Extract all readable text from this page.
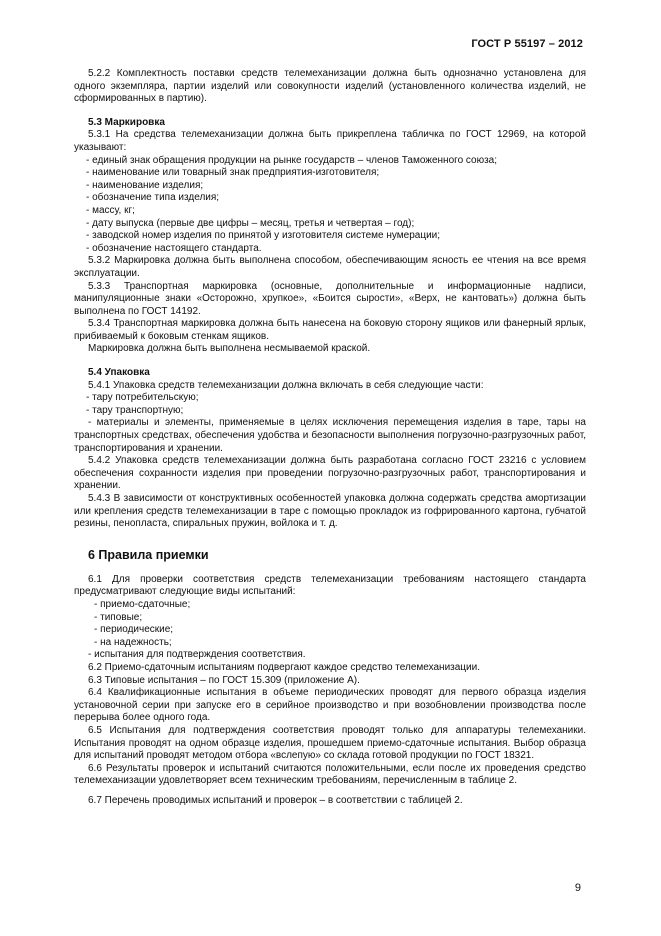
ГОСТ Р 55197 – 2012

5.2.2 Комплектность поставки средств телемеханизации должна быть однозначно установлена для одного экземпляра, партии изделий или совокупности изделий (установленного количества изделий, не сформированных в партию).

5.3 Маркировка

5.3.1 На средства телемеханизации должна быть прикреплена табличка по ГОСТ 12969, на которой указывают:

- единый знак обращения продукции на рынке государств – членов Таможенного союза;

- наименование или товарный знак предприятия-изготовителя;

- наименование изделия;

- обозначение типа изделия;

- массу, кг;

- дату выпуска (первые две цифры – месяц, третья и четвертая – год);

- заводской номер изделия по принятой у изготовителя системе нумерации;

- обозначение настоящего стандарта.

5.3.2 Маркировка должна быть выполнена способом, обеспечивающим ясность ее чтения на все время эксплуатации.

5.3.3 Транспортная маркировка (основные, дополнительные и информационные надписи, манипуляционные знаки «Осторожно, хрупкое», «Боится сырости», «Верх, не кантовать») должна быть выполнена по ГОСТ 14192.

5.3.4 Транспортная маркировка должна быть нанесена на боковую сторону ящиков или фанерный ярлык, прибиваемый к боковым стенкам ящиков.

Маркировка должна быть выполнена несмываемой краской.

5.4 Упаковка

5.4.1 Упаковка средств телемеханизации должна включать в себя следующие части:

- тару потребительскую;

- тару транспортную;

- материалы и элементы, применяемые в целях исключения перемещения изделия в таре, тары на транспортных средствах, обеспечения удобства и безопасности выполнения погрузочно-разгрузочных работ, транспортирования и хранении.

5.4.2 Упаковка средств телемеханизации должна быть разработана согласно ГОСТ 23216 с условием обеспечения сохранности изделия при проведении погрузочно-разгрузочных работ, транспортирования и хранении.

5.4.3 В зависимости от конструктивных особенностей упаковка должна содержать средства амортизации или крепления средств телемеханизации в таре с помощью прокладок из гофрированного картона, губчатой резины, пенопласта, спиральных пружин, войлока и т. д.

6 Правила приемки

6.1 Для проверки соответствия средств телемеханизации требованиям настоящего стандарта предусматривают следующие виды испытаний:

- приемо-сдаточные;

- типовые;

- периодические;

- на надежность;

- испытания для подтверждения соответствия.

6.2 Приемо-сдаточным испытаниям подвергают каждое средство телемеханизации.

6.3 Типовые испытания – по ГОСТ 15.309 (приложение А).

6.4 Квалификационные испытания в объеме периодических проводят для первого образца изделия установочной серии при запуске его в серийное производство и при возобновлении производства после перерыва более одного года.

6.5 Испытания для подтверждения соответствия проводят только для аппаратуры телемеханики. Испытания проводят на одном образце изделия, прошедшем приемо-сдаточные испытания. Выбор образца для испытаний проводят методом отбора «вслепую» со склада готовой продукции по ГОСТ 18321.

6.6 Результаты проверок и испытаний считаются положительными, если после их проведения средство телемеханизации удовлетворяет всем техническим требованиям, перечисленным в таблице 2.

6.7 Перечень проводимых испытаний и проверок – в соответствии с таблицей 2.

9
